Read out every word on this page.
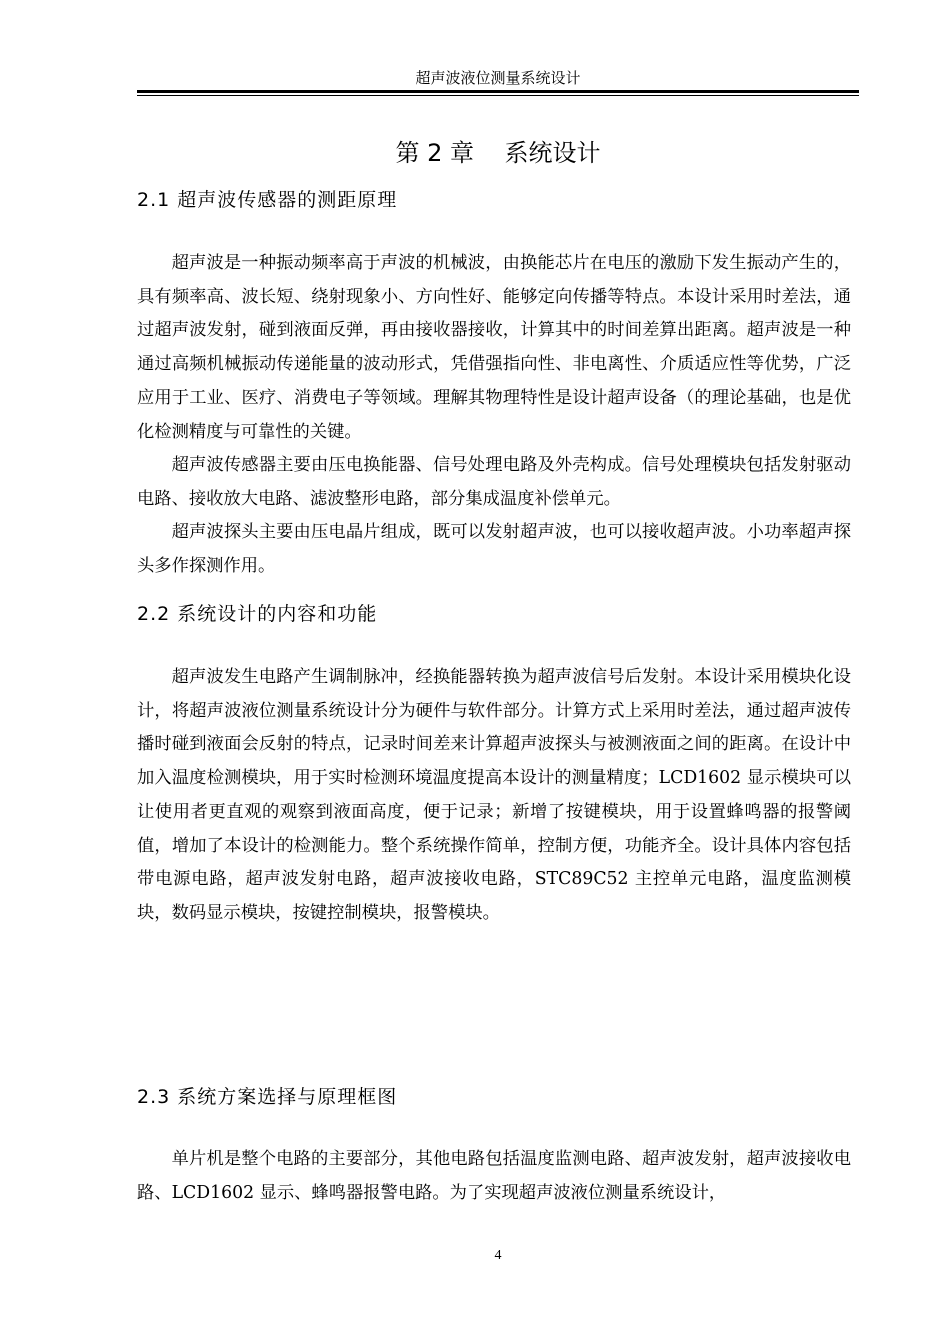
超声波液位测量系统设计
第 2 章    系统设计
2.1 超声波传感器的测距原理

超声波是一种振动频率高于声波的机械波，由换能芯片在电压的激励下发生振动产生的，具有频率高、波长短、绕射现象小、方向性好、能够定向传播等特点。本设计采用时差法，通过超声波发射，碰到液面反弹，再由接收器接收，计算其中的时间差算出距离。超声波是一种通过高频机械振动传递能量的波动形式，凭借强指向性、非电离性、介质适应性等优势，广泛应用于工业、医疗、消费电子等领域。理解其物理特性是设计超声设备（的理论基础，也是优化检测精度与可靠性的关键。

超声波传感器主要由压电换能器、信号处理电路及外壳构成。信号处理模块包括发射驱动电路、接收放大电路、滤波整形电路，部分集成温度补偿单元。

超声波探头主要由压电晶片组成，既可以发射超声波，也可以接收超声波。小功率超声探头多作探测作用。

2.2 系统设计的内容和功能

超声波发生电路产生调制脉冲，经换能器转换为超声波信号后发射。本设计采用模块化设计，将超声波液位测量系统设计分为硬件与软件部分。计算方式上采用时差法，通过超声波传播时碰到液面会反射的特点，记录时间差来计算超声波探头与被测液面之间的距离。在设计中加入温度检测模块，用于实时检测环境温度提高本设计的测量精度；LCD1602 显示模块可以让使用者更直观的观察到液面高度，便于记录；新增了按键模块，用于设置蜂鸣器的报警阈值，增加了本设计的检测能力。整个系统操作简单，控制方便，功能齐全。设计具体内容包括带电源电路，超声波发射电路，超声波接收电路，STC89C52 主控单元电路，温度监测模块，数码显示模块，按键控制模块，报警模块。

2.3 系统方案选择与原理框图

单片机是整个电路的主要部分，其他电路包括温度监测电路、超声波发射，超声波接收电路、LCD1602 显示、蜂鸣器报警电路。为了实现超声波液位测量系统设计，

4
